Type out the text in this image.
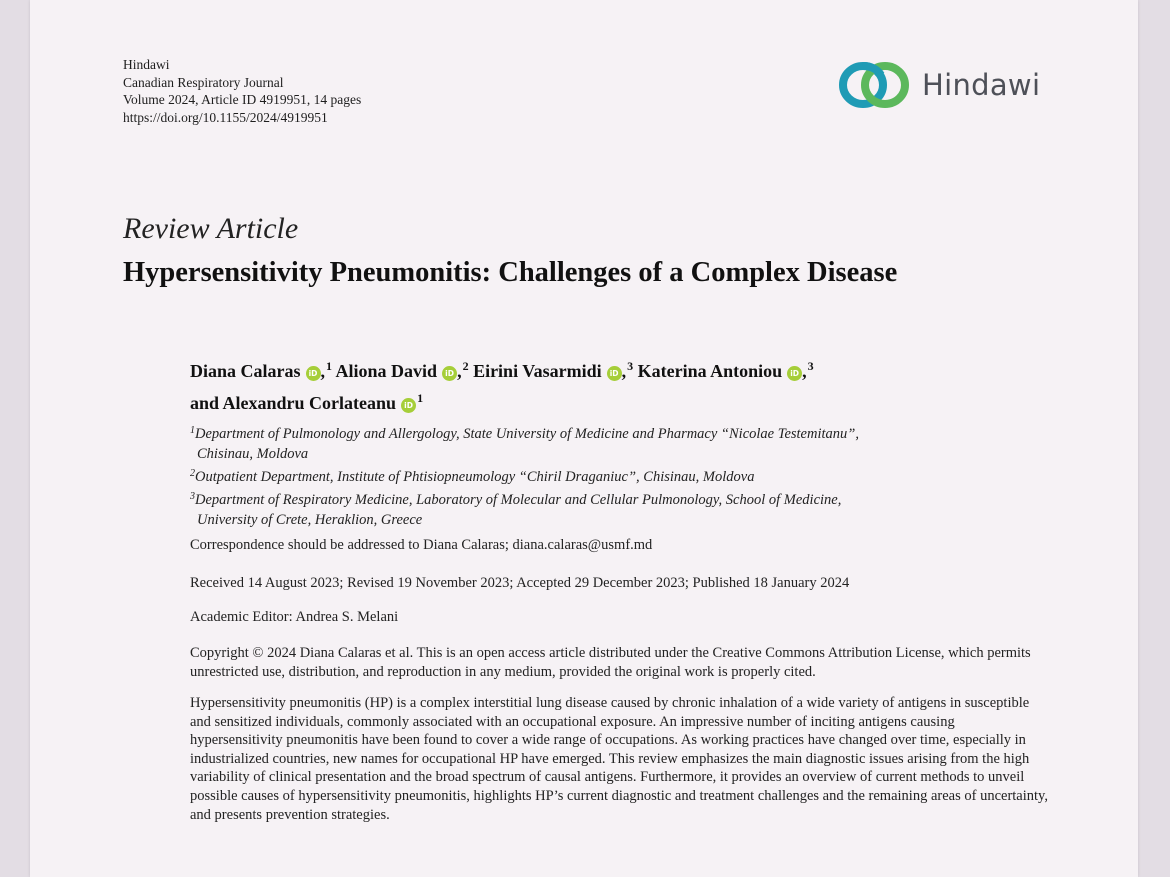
Hindawi
Canadian Respiratory Journal
Volume 2024, Article ID 4919951, 14 pages
https://doi.org/10.1155/2024/4919951
Hindawi
Review Article
Hypersensitivity Pneumonitis: Challenges of a Complex Disease
Diana Calaras iD ,$^1$ Aliona David iD ,$^2$ Eirini Vasarmidi iD ,$^3$ Katerina Antoniou iD ,$^3$
and Alexandru Corlateanu $iD^1$
$^1$Department of Pulmonology and Allergology, State University of Medicine and Pharmacy “Nicolae Testemitanu”,
Chisinau, Moldova
$^2$Outpatient Department, Institute of Phtisiopneumology “Chiril Draganiuc”, Chisinau, Moldova
$^3$Department of Respiratory Medicine, Laboratory of Molecular and Cellular Pulmonology, School of Medicine,
University of Crete, Heraklion, Greece
Correspondence should be addressed to Diana Calaras; diana.calaras@usmf.md
Received 14 August 2023; Revised 19 November 2023; Accepted 29 December 2023; Published 18 January 2024
Academic Editor: Andrea S. Melani
Copyright © 2024 Diana Calaras et al. This is an open access article distributed under the Creative Commons Attribution License, which permits unrestricted use, distribution, and reproduction in any medium, provided the original work is properly cited.
Hypersensitivity pneumonitis (HP) is a complex interstitial lung disease caused by chronic inhalation of a wide variety of antigens in susceptible and sensitized individuals, commonly associated with an occupational exposure. An impressive number of inciting antigens causing hypersensitivity pneumonitis have been found to cover a wide range of occupations. As working practices have changed over time, especially in industrialized countries, new names for occupational HP have emerged. This review emphasizes the main diagnostic issues arising from the high variability of clinical presentation and the broad spectrum of causal antigens. Furthermore, it provides an overview of current methods to unveil possible causes of hypersensitivity pneumonitis, highlights HP’s current diagnostic and treatment challenges and the remaining areas of uncertainty, and presents prevention strategies.
